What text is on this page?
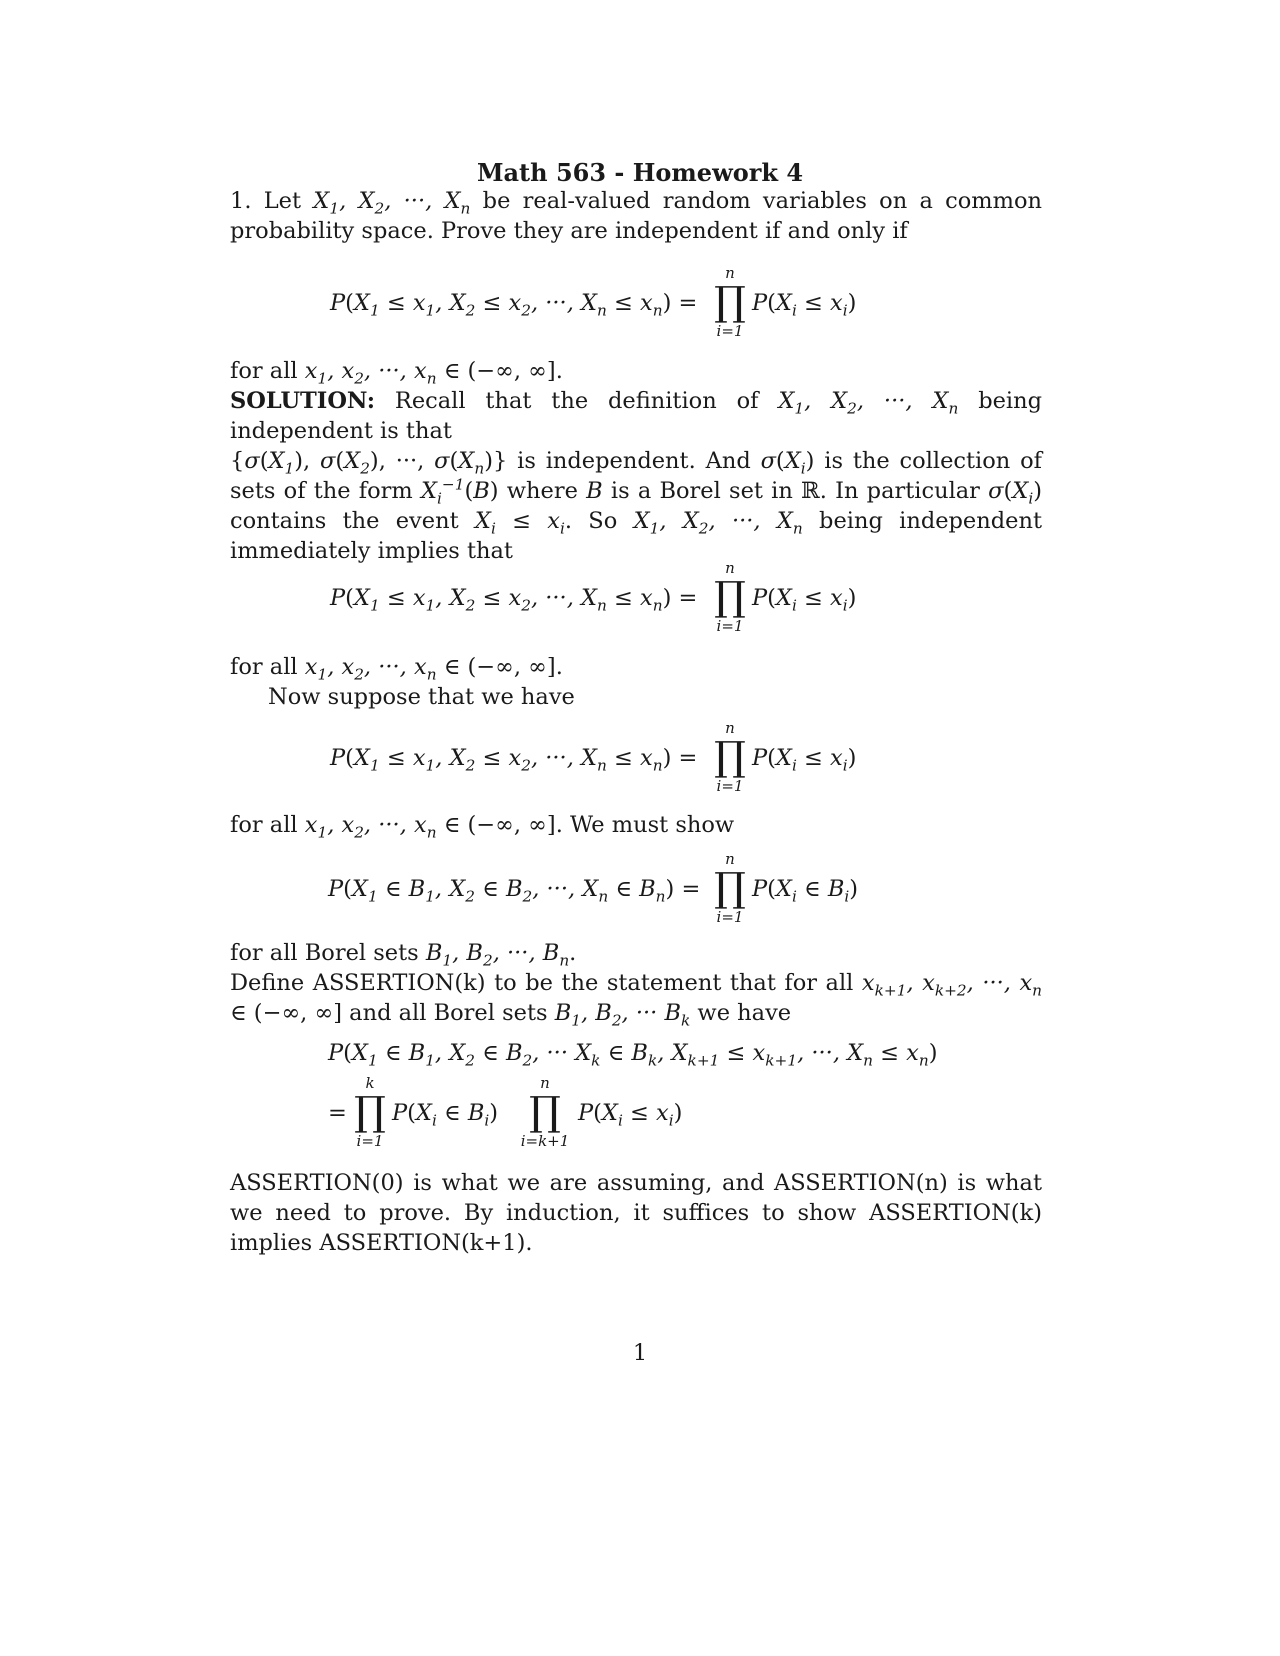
Math 563 - Homework 4
1. Let $X_1$, $X_2$, ···, $X_n$ be real-valued random variables on a common probability space. Prove they are independent if and only if
$P(X_1 \le x_1$, $X_2 \le x_2$, ···, $X_n \le x_n$) =
n
∏
i=1
$P(X_i \le x_i)$
for all $x_1$, $x_2$, ···, $x_n$ ∈ (−∞, ∞].
SOLUTION: Recall that the definition of $X_1$, $X_2$, ···, $X_n$ being independent is that
{$\sigma(X_1)$, $\sigma(X_2)$, ···, $\sigma(X_n)$} is independent. And $\sigma(X_i)$ is the collection of sets of the form $X_i^{-1}(B)$ where B is a Borel set in ℝ. In particular $\sigma(X_i)$ contains the event $X_i \le x_i$. So $X_1$, $X_2$, ···, $X_n$ being independent immediately implies that
$P(X_1 \le x_1$, $X_2 \le x_2$, ···, $X_n \le x_n$) =
n
∏
i=1
$P(X_i \le x_i)$
for all $x_1$, $x_2$, ···, $x_n$ ∈ (−∞, ∞].

Now suppose that we have
$P(X_1 \le x_1$, $X_2 \le x_2$, ···, $X_n \le x_n$) =
n
∏
i=1
$P(X_i \le x_i)$
for all $x_1$, $x_2$, ···, $x_n$ ∈ (−∞, ∞]. We must show
$P(X_1$ ∈ $B_1$, $X_2$ ∈ $B_2$, ···, $X_n$ ∈ $B_n$) =
n
∏
i=1
$P(X_i$ ∈ $B_i$)
for all Borel sets $B_1$, $B_2$, ···, $B_n$.
Define ASSERTION(k) to be the statement that for all $x_{k+1}$, $x_{k+2}$, ···, $x_n$ ∈ (−∞, ∞] and all Borel sets $B_1$, $B_2$, ··· $B_k$ we have
$P(X_1$ ∈ $B_1$, $X_2$ ∈ $B_2$, ··· $X_k$ ∈ $B_k$, $X_{k+1} \le x_{k+1}$, ···, $X_n \le x_n$)
=
k
∏
i=1
$P(X_i$ ∈ $B_i$)
n
∏
i=k+1
$P(X_i \le x_i)$
ASSERTION(0) is what we are assuming, and ASSERTION(n) is what we need to prove. By induction, it suffices to show ASSERTION(k) implies ASSERTION(k+1).
1
